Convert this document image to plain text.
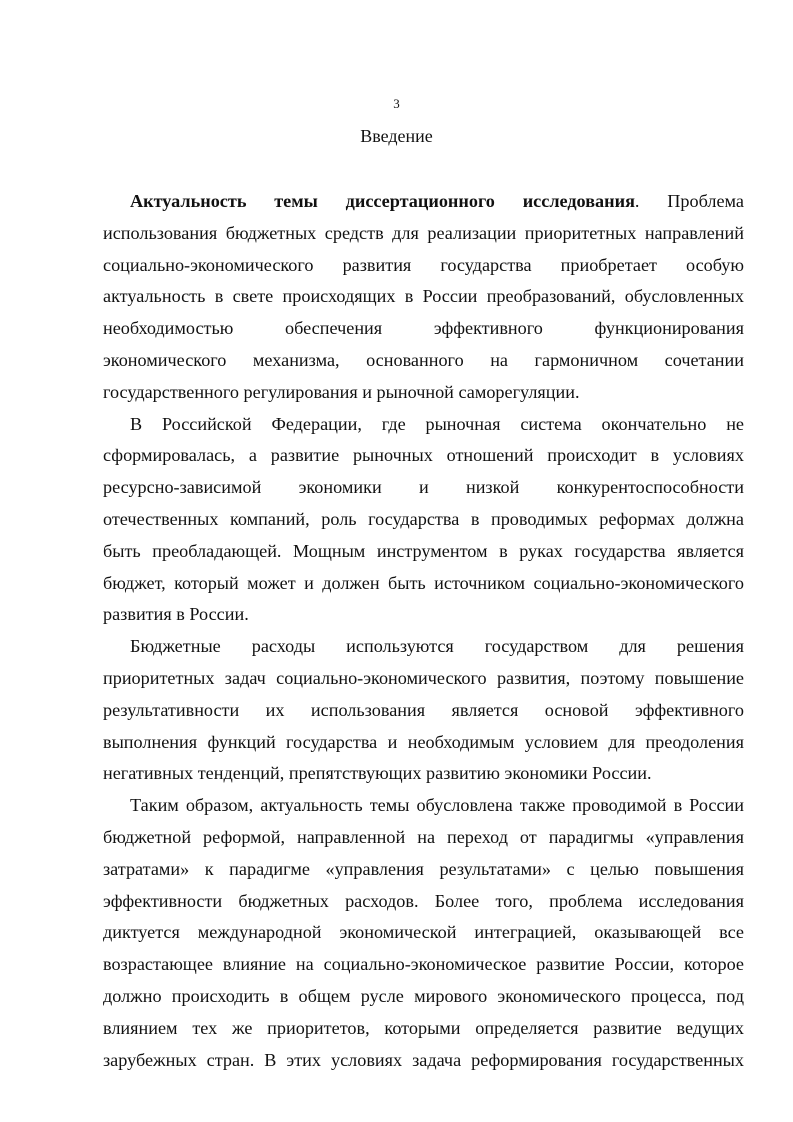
3
Введение
Актуальность темы диссертационного исследования. Проблема
использования бюджетных средств для реализации приоритетных направлений
социально-экономического развития государства приобретает особую
актуальность в свете происходящих в России преобразований, обусловленных
необходимостью обеспечения эффективного функционирования
экономического механизма, основанного на гармоничном сочетании
государственного регулирования и рыночной саморегуляции.
В Российской Федерации, где рыночная система окончательно не
сформировалась, а развитие рыночных отношений происходит в условиях
ресурсно-зависимой экономики и низкой конкурентоспособности
отечественных компаний, роль государства в проводимых реформах должна
быть преобладающей. Мощным инструментом в руках государства является
бюджет, который может и должен быть источником социально-экономического
развития в России.
Бюджетные расходы используются государством для решения
приоритетных задач социально-экономического развития, поэтому повышение
результативности их использования является основой эффективного
выполнения функций государства и необходимым условием для преодоления
негативных тенденций, препятствующих развитию экономики России.
Таким образом, актуальность темы обусловлена также проводимой в России
бюджетной реформой, направленной на переход от парадигмы «управления
затратами» к парадигме «управления результатами» с целью повышения
эффективности бюджетных расходов. Более того, проблема исследования
диктуется международной экономической интеграцией, оказывающей все
возрастающее влияние на социально-экономическое развитие России, которое
должно происходить в общем русле мирового экономического процесса, под
влиянием тех же приоритетов, которыми определяется развитие ведущих
зарубежных стран. В этих условиях задача реформирования государственных
